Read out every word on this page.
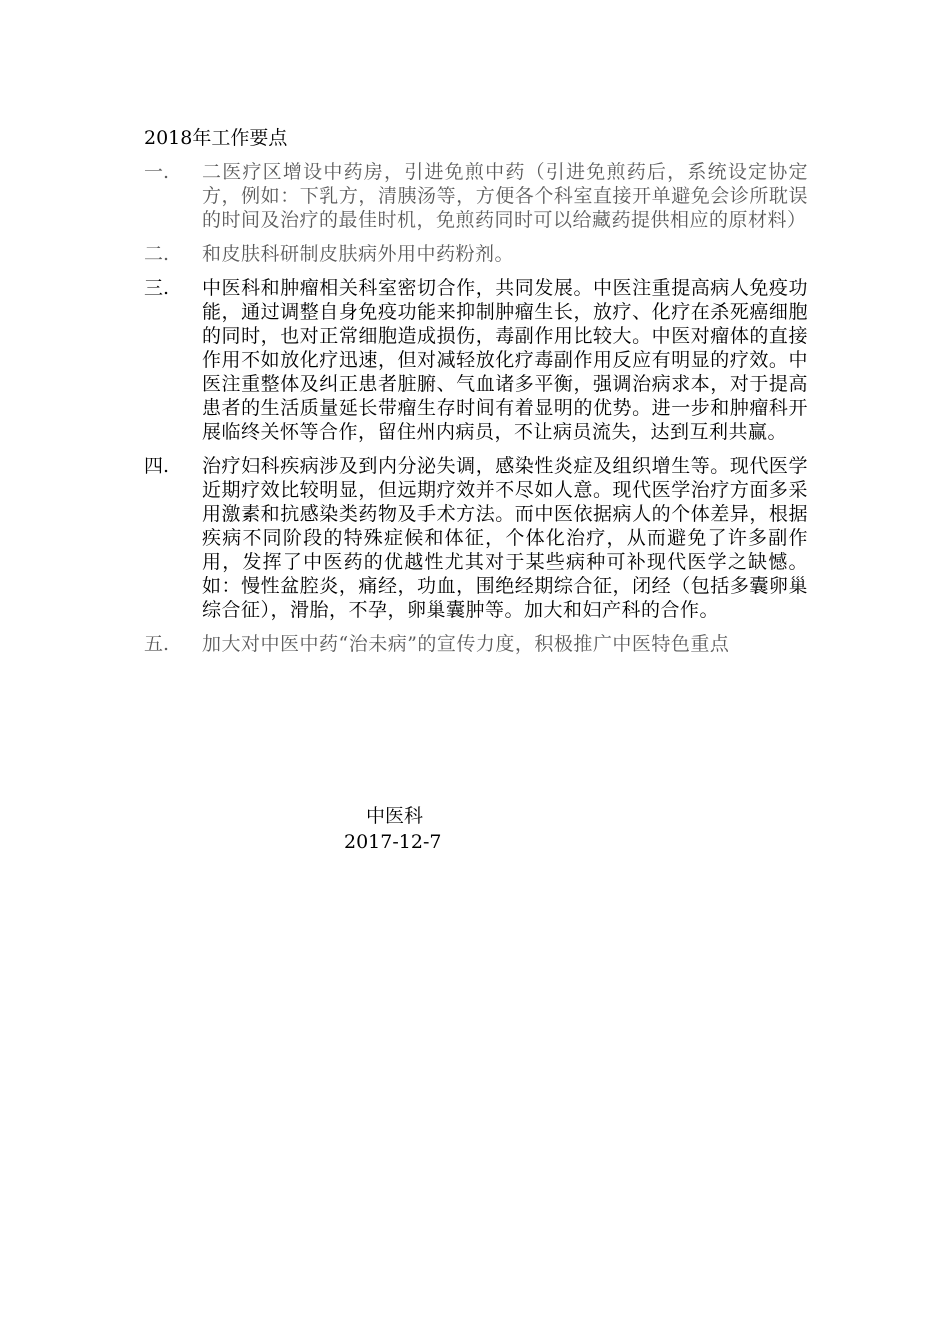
2018年工作要点
一.	二医疗区增设中药房，引进免煎中药（引进免煎药后，系统设定协定方，例如：下乳方，清胰汤等，方便各个科室直接开单避免会诊所耽误的时间及治疗的最佳时机，免煎药同时可以给藏药提供相应的原材料）
二.	和皮肤科研制皮肤病外用中药粉剂。
三.	中医科和肿瘤相关科室密切合作，共同发展。中医注重提高病人免疫功能，通过调整自身免疫功能来抑制肿瘤生长，放疗、化疗在杀死癌细胞的同时，也对正常细胞造成损伤，毒副作用比较大。中医对瘤体的直接作用不如放化疗迅速，但对减轻放化疗毒副作用反应有明显的疗效。中医注重整体及纠正患者脏腑、气血诸多平衡，强调治病求本，对于提高患者的生活质量延长带瘤生存时间有着显明的优势。进一步和肿瘤科开展临终关怀等合作，留住州内病员，不让病员流失，达到互利共赢。
四.	治疗妇科疾病涉及到内分泌失调，感染性炎症及组织增生等。现代医学近期疗效比较明显，但远期疗效并不尽如人意。现代医学治疗方面多采用激素和抗感染类药物及手术方法。而中医依据病人的个体差异，根据疾病不同阶段的特殊症候和体征，个体化治疗，从而避免了许多副作用，发挥了中医药的优越性尤其对于某些病种可补现代医学之缺憾。如：慢性盆腔炎，痛经，功血，围绝经期综合征，闭经（包括多囊卵巢综合征），滑胎，不孕，卵巢囊肿等。加大和妇产科的合作。
五.	加大对中医中药“治未病”的宣传力度，积极推广中医特色重点
中医科
2017-12-7
